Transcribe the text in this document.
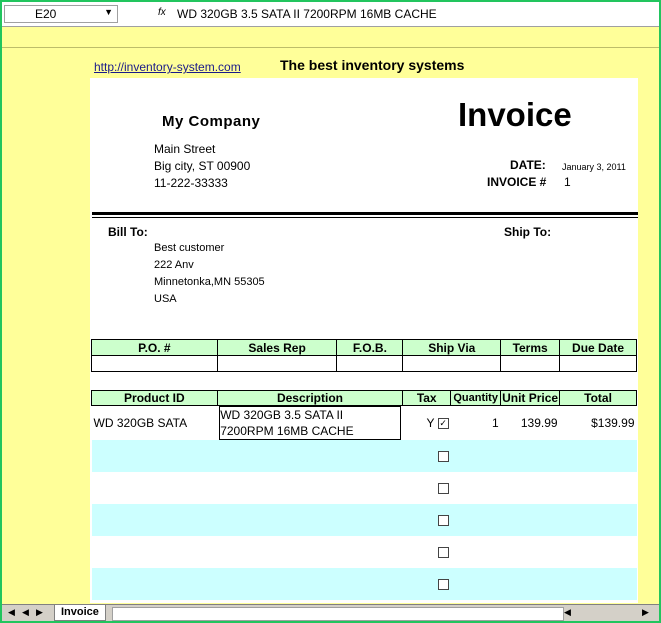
E20	▼	fx WD 320GB 3.5 SATA II 7200RPM 16MB CACHE
http://inventory-system.com	The best inventory systems
My Company
Main Street
Big city, ST 00900
11-222-33333
Invoice
DATE: January 3, 2011
INVOICE # 1
Bill To:	Ship To:
Best customer
222 Anv
Minnetonka,MN 55305
USA
P.O. #	Sales Rep	F.O.B.	Ship Via	Terms	Due Date

Product ID	Description	Tax	Quantity	Unit Price	Total
WD 320GB SATA	WD 320GB 3.5 SATA II
7200RPM 16MB CACHE	Y ✓	1	139.99	$139.99

◀ ◀ ▶	Invoice	◀	▶
